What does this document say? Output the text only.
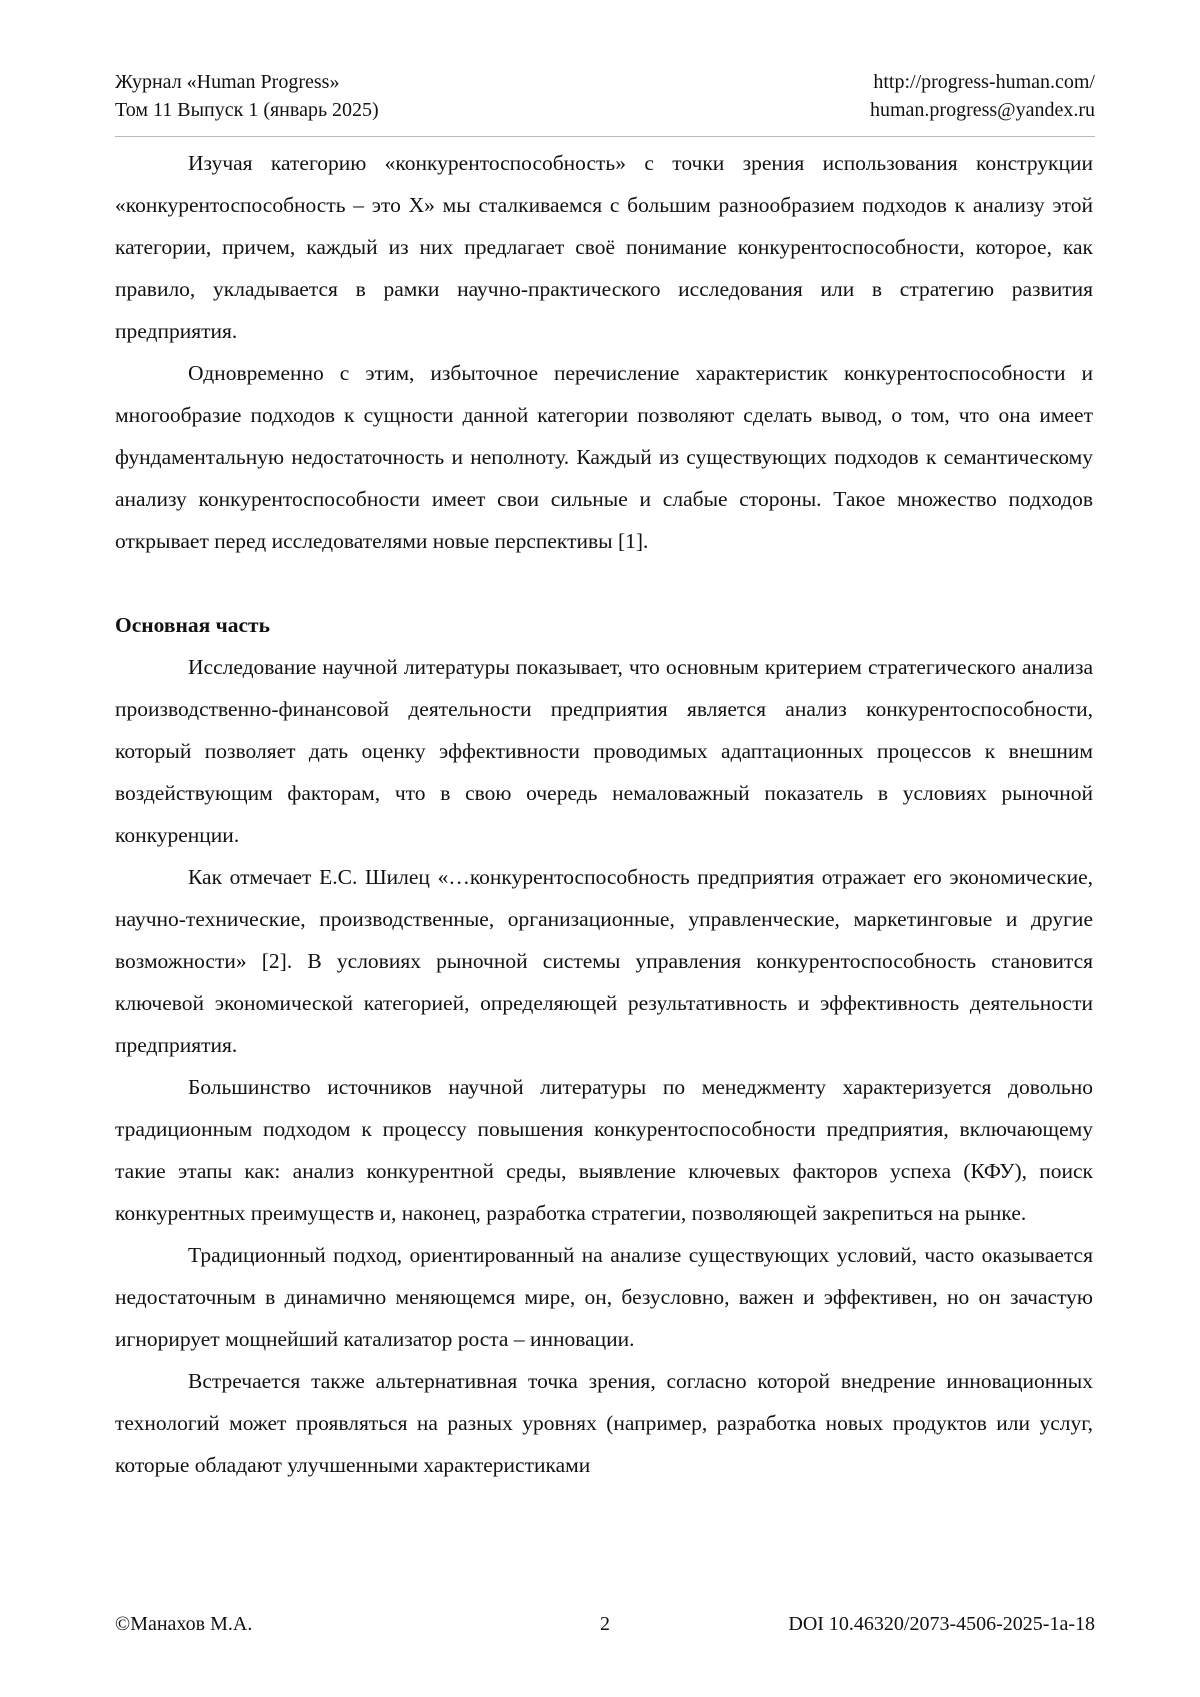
Журнал «Human Progress»
Том 11 Выпуск 1 (январь 2025)
http://progress-human.com/
human.progress@yandex.ru

Изучая категорию «конкурентоспособность» с точки зрения использования конструкции «конкурентоспособность – это Х» мы сталкиваемся с большим разнообразием подходов к анализу этой категории, причем, каждый из них предлагает своё понимание конкурентоспособности, которое, как правило, укладывается в рамки научно-практического исследования или в стратегию развития предприятия.

Одновременно с этим, избыточное перечисление характеристик конкурентоспособности и многообразие подходов к сущности данной категории позволяют сделать вывод, о том, что она имеет фундаментальную недостаточность и неполноту. Каждый из существующих подходов к семантическому анализу конкурентоспособности имеет свои сильные и слабые стороны. Такое множество подходов открывает перед исследователями новые перспективы [1].

Основная часть

Исследование научной литературы показывает, что основным критерием стратегического анализа производственно-финансовой деятельности предприятия является анализ конкурентоспособности, который позволяет дать оценку эффективности проводимых адаптационных процессов к внешним воздействующим факторам, что в свою очередь немаловажный показатель в условиях рыночной конкуренции.

Как отмечает Е.С. Шилец «…конкурентоспособность предприятия отражает его экономические, научно-технические, производственные, организационные, управленческие, маркетинговые и другие возможности» [2]. В условиях рыночной системы управления конкурентоспособность становится ключевой экономической категорией, определяющей результативность и эффективность деятельности предприятия.

Большинство источников научной литературы по менеджменту характеризуется довольно традиционным подходом к процессу повышения конкурентоспособности предприятия, включающему такие этапы как: анализ конкурентной среды, выявление ключевых факторов успеха (КФУ), поиск конкурентных преимуществ и, наконец, разработка стратегии, позволяющей закрепиться на рынке.

Традиционный подход, ориентированный на анализе существующих условий, часто оказывается недостаточным в динамично меняющемся мире, он, безусловно, важен и эффективен, но он зачастую игнорирует мощнейший катализатор роста – инновации.

Встречается также альтернативная точка зрения, согласно которой внедрение инновационных технологий может проявляться на разных уровнях (например, разработка новых продуктов или услуг, которые обладают улучшенными характеристиками

©Манахов М.А.	2	DOI 10.46320/2073-4506-2025-1а-18
